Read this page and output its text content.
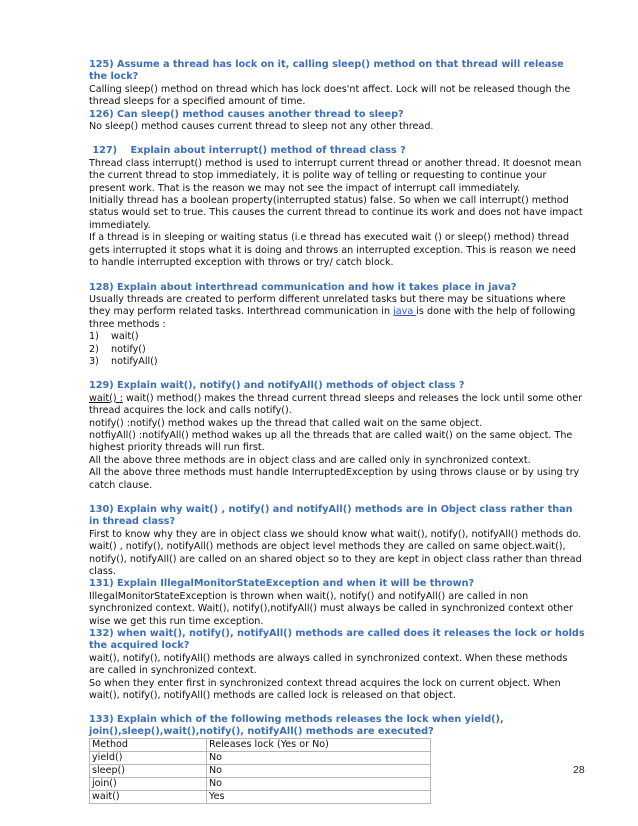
125) Assume a thread has lock on it, calling sleep() method on that thread will release the lock?

Calling sleep() method on thread which has lock does'nt affect. Lock will not be released though the thread sleeps for a specified amount of time.

126) Can sleep() method causes another thread to sleep?

No sleep() method causes current thread to sleep not any other thread.

127)    Explain about interrupt() method of thread class ?

Thread class interrupt() method is used to interrupt current thread or another thread. It doesnot mean the current thread to stop immediately, it is polite way of telling or requesting to continue your present work. That is the reason we may not see the impact of interrupt call immediately.

Initially thread has a boolean property(interrupted status) false. So when we call interrupt() method status would set to true. This causes the current thread to continue its work and does not have impact immediately.

If a thread is in sleeping or waiting status (i.e thread has executed wait () or sleep() method) thread gets interrupted it stops what it is doing and throws an interrupted exception. This is reason we need to handle interrupted exception with throws or try/ catch block.

128) Explain about interthread communication and how it takes place in java?

Usually threads are created to perform different unrelated tasks but there may be situations where they may perform related tasks. Interthread communication in java is done with the help of following three methods :

1)	wait()
2)	notify()
3)	notifyAll()

129) Explain wait(), notify() and notifyAll() methods of object class ?

wait() : wait() method() makes the thread current thread sleeps and releases the lock until some other thread acquires the lock and calls notify().

notify() :notify() method wakes up the thread that called wait on the same object.

notfiyAll() :notifyAll() method wakes up all the threads that are called wait() on the same object. The highest priority threads will run first.

All the above three methods are in object class and are called only in synchronized context.

All the above three methods must handle InterruptedException by using throws clause or by using try catch clause.

130) Explain why wait() , notify() and notifyAll() methods are in Object class rather than in thread class?

First to know why they are in object class we should know what wait(), notify(), notifyAll() methods do. wait() , notify(), notifyAll() methods are object level methods they are called on same object.wait(), notify(), notifyAll() are called on an shared object so to they are kept in object class rather than thread class.

131) Explain IllegalMonitorStateException and when it will be thrown?

IllegalMonitorStateException is thrown when wait(), notify() and notifyAll() are called in non synchronized context. Wait(), notify(),notifyAll() must always be called in synchronized context other wise we get this run time exception.

132) when wait(), notify(), notifyAll() methods are called does it releases the lock or holds the acquired lock?

wait(), notify(), notifyAll() methods are always called in synchronized context. When these methods are called in synchronized context.

So when they enter first in synchronized context thread acquires the lock on current object. When wait(), notify(), notifyAll() methods are called lock is released on that object.

133) Explain which of the following methods releases the lock when yield(), join(),sleep(),wait(),notify(), notifyAll() methods are executed?

Method	Releases lock (Yes or No)
yield()	No
sleep()	No
join()	No
wait()	Yes
28
